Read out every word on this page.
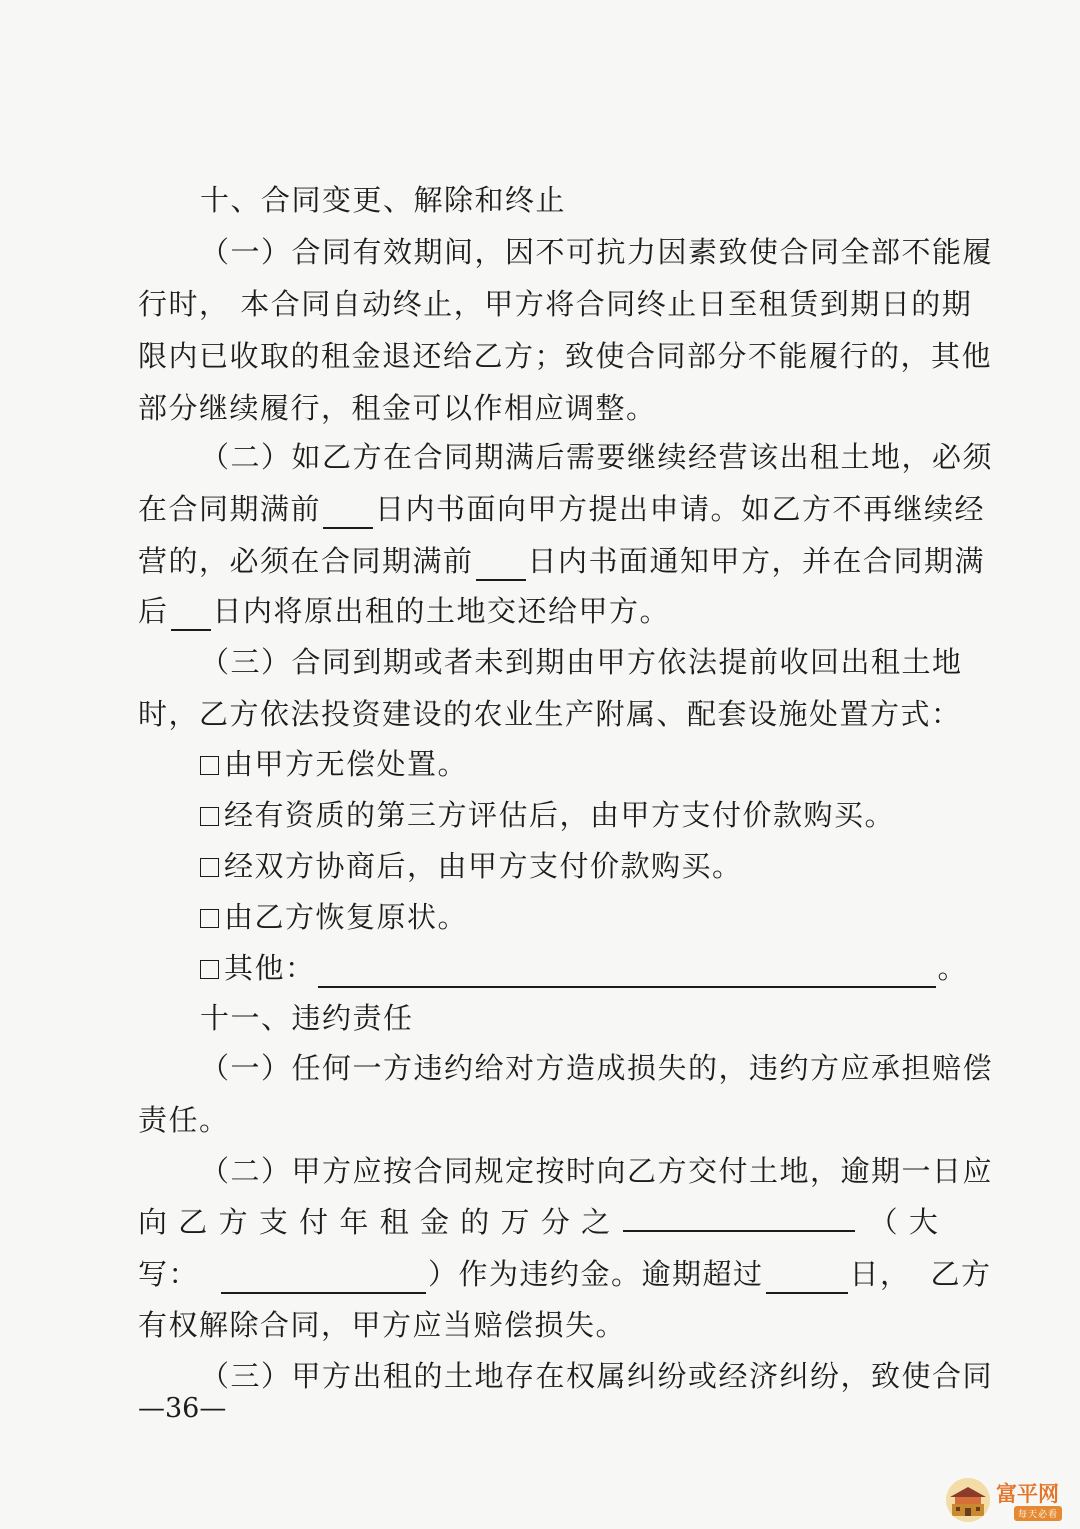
十、合同变更、解除和终止
（一）合同有效期间，因不可抗力因素致使合同全部不能履
行时， 本合同自动终止，甲方将合同终止日至租赁到期日的期
限内已收取的租金退还给乙方；致使合同部分不能履行的，其他
部分继续履行，租金可以作相应调整。
（二）如乙方在合同期满后需要继续经营该出租土地，必须
在合同期满前 日内书面向甲方提出申请。如乙方不再继续经
营的，必须在合同期满前 日内书面通知甲方，并在合同期满
后 日内将原出租的土地交还给甲方。
（三）合同到期或者未到期由甲方依法提前收回出租土地
时，乙方依法投资建设的农业生产附属、配套设施处置方式：
由甲方无偿处置。
经有资质的第三方评估后，由甲方支付价款购买。
经双方协商后，由甲方支付价款购买。
由乙方恢复原状。
其他：	。
十一、违约责任
（一）任何一方违约给对方造成损失的，违约方应承担赔偿
责任。
（二）甲方应按合同规定按时向乙方交付土地，逾期一日应
向 乙 方 支 付 年 租 金 的 万 分 之	（ 大
写：	）作为违约金。逾期超过	日， 乙方
有权解除合同，甲方应当赔偿损失。
（三）甲方出租的土地存在权属纠纷或经济纠纷，致使合同
—36—
富平网
每天必看
